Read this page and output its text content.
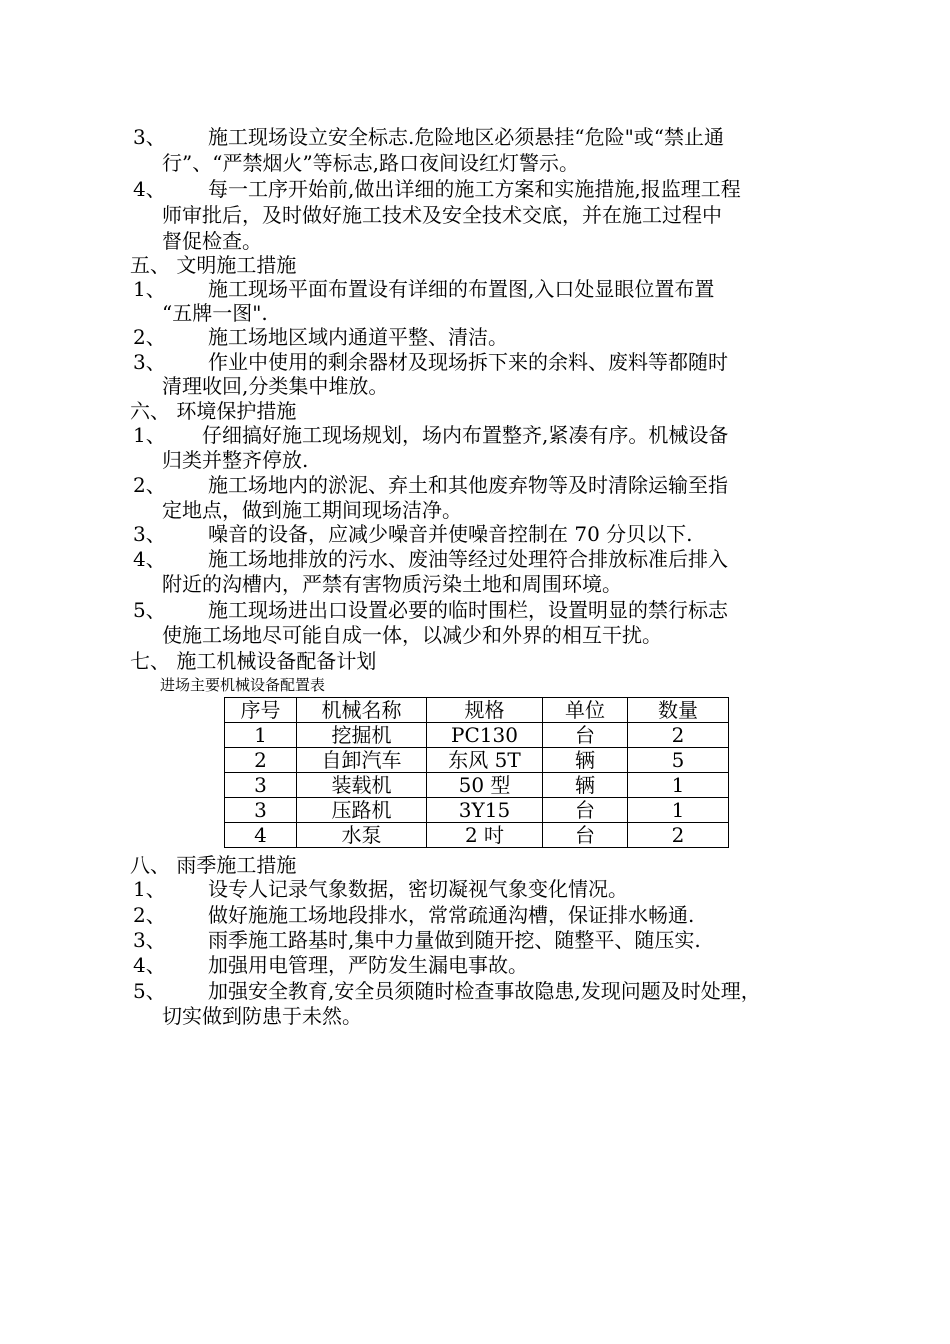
3、 施工现场设立安全标志.危险地区必须悬挂“危险"或“禁止通
行”、“严禁烟火”等标志,路口夜间设红灯警示。
4、 每一工序开始前,做出详细的施工方案和实施措施,报监理工程
师审批后，及时做好施工技术及安全技术交底，并在施工过程中
督促检查。
五、 文明施工措施
1、 施工现场平面布置设有详细的布置图,入口处显眼位置布置
“五牌一图".
2、 施工场地区域内通道平整、清洁。
3、 作业中使用的剩余器材及现场拆下来的余料、废料等都随时
清理收回,分类集中堆放。
六、 环境保护措施
1、 仔细搞好施工现场规划，场内布置整齐,紧凑有序。机械设备
归类并整齐停放.
2、 施工场地内的淤泥、弃土和其他废弃物等及时清除运输至指
定地点，做到施工期间现场洁净。
3、 噪音的设备，应减少噪音并使噪音控制在 70 分贝以下.
4、 施工场地排放的污水、废油等经过处理符合排放标准后排入
附近的沟槽内，严禁有害物质污染土地和周围环境。
5、 施工现场进出口设置必要的临时围栏，设置明显的禁行标志
使施工场地尽可能自成一体，以减少和外界的相互干扰。
七、 施工机械设备配备计划
进场主要机械设备配置表
序号	机械名称	规格	单位	数量
1	挖掘机	PC130	台	2
2	自卸汽车	东风 5T	辆	5
3	装载机	50 型	辆	1
3	压路机	3Y15	台	1
4	水泵	2 吋	台	2
八、 雨季施工措施
1、 设专人记录气象数据，密切凝视气象变化情况。
2、 做好施施工场地段排水，常常疏通沟槽，保证排水畅通.
3、 雨季施工路基时,集中力量做到随开挖、随整平、随压实.
4、 加强用电管理，严防发生漏电事故。
5、 加强安全教育,安全员须随时检查事故隐患,发现问题及时处理，
切实做到防患于未然。
